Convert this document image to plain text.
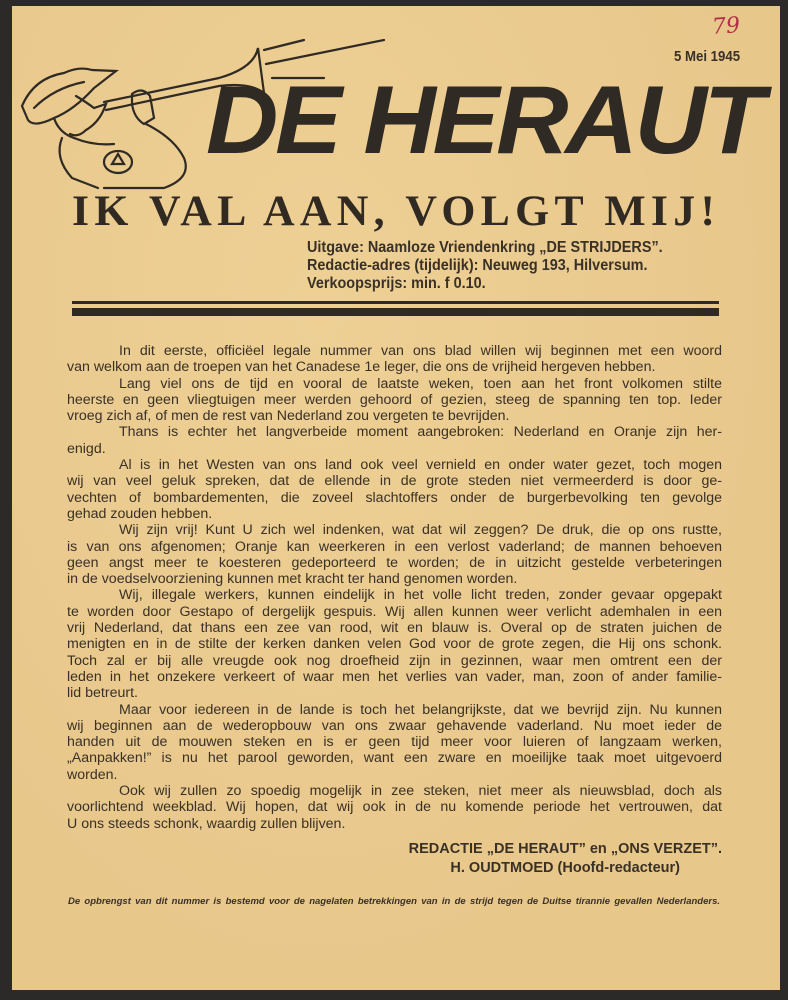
79
5 Mei 1945
DE HERAUT
IK VAL AAN, VOLGT MIJ!
Uitgave: Naamloze Vriendenkring „DE STRIJDERS”.
Redactie-adres (tijdelijk): Neuweg 193, Hilversum.
Verkoopsprijs: min. f 0.10.
In dit eerste, officiëel legale nummer van ons blad willen wij beginnen met een woord
van welkom aan de troepen van het Canadese 1e leger, die ons de vrijheid hergeven hebben.
Lang viel ons de tijd en vooral de laatste weken, toen aan het front volkomen stilte
heerste en geen vliegtuigen meer werden gehoord of gezien, steeg de spanning ten top. Ieder
vroeg zich af, of men de rest van Nederland zou vergeten te bevrijden.
Thans is echter het langverbeide moment aangebroken: Nederland en Oranje zijn her-
enigd.
Al is in het Westen van ons land ook veel vernield en onder water gezet, toch mogen
wij van veel geluk spreken, dat de ellende in de grote steden niet vermeerderd is door ge-
vechten of bombardementen, die zoveel slachtoffers onder de burgerbevolking ten gevolge
gehad zouden hebben.
Wij zijn vrij! Kunt U zich wel indenken, wat dat wil zeggen? De druk, die op ons rustte,
is van ons afgenomen; Oranje kan weerkeren in een verlost vaderland; de mannen behoeven
geen angst meer te koesteren gedeporteerd te worden; de in uitzicht gestelde verbeteringen
in de voedselvoorziening kunnen met kracht ter hand genomen worden.
Wij, illegale werkers, kunnen eindelijk in het volle licht treden, zonder gevaar opgepakt
te worden door Gestapo of dergelijk gespuis. Wij allen kunnen weer verlicht ademhalen in een
vrij Nederland, dat thans een zee van rood, wit en blauw is. Overal op de straten juichen de
menigten en in de stilte der kerken danken velen God voor de grote zegen, die Hij ons schonk.
Toch zal er bij alle vreugde ook nog droefheid zijn in gezinnen, waar men omtrent een der
leden in het onzekere verkeert of waar men het verlies van vader, man, zoon of ander familie-
lid betreurt.
Maar voor iedereen in de lande is toch het belangrijkste, dat we bevrijd zijn. Nu kunnen
wij beginnen aan de wederopbouw van ons zwaar gehavende vaderland. Nu moet ieder de
handen uit de mouwen steken en is er geen tijd meer voor luieren of langzaam werken,
„Aanpakken!” is nu het parool geworden, want een zware en moeilijke taak moet uitgevoerd
worden.
Ook wij zullen zo spoedig mogelijk in zee steken, niet meer als nieuwsblad, doch als
voorlichtend weekblad. Wij hopen, dat wij ook in de nu komende periode het vertrouwen, dat
U ons steeds schonk, waardig zullen blijven.
REDACTIE „DE HERAUT” en „ONS VERZET”.
H. OUDTMOED (Hoofd-redacteur)
De opbrengst van dit nummer is bestemd voor de nagelaten betrekkingen van in de strijd tegen de Duitse tirannie gevallen Nederlanders.
